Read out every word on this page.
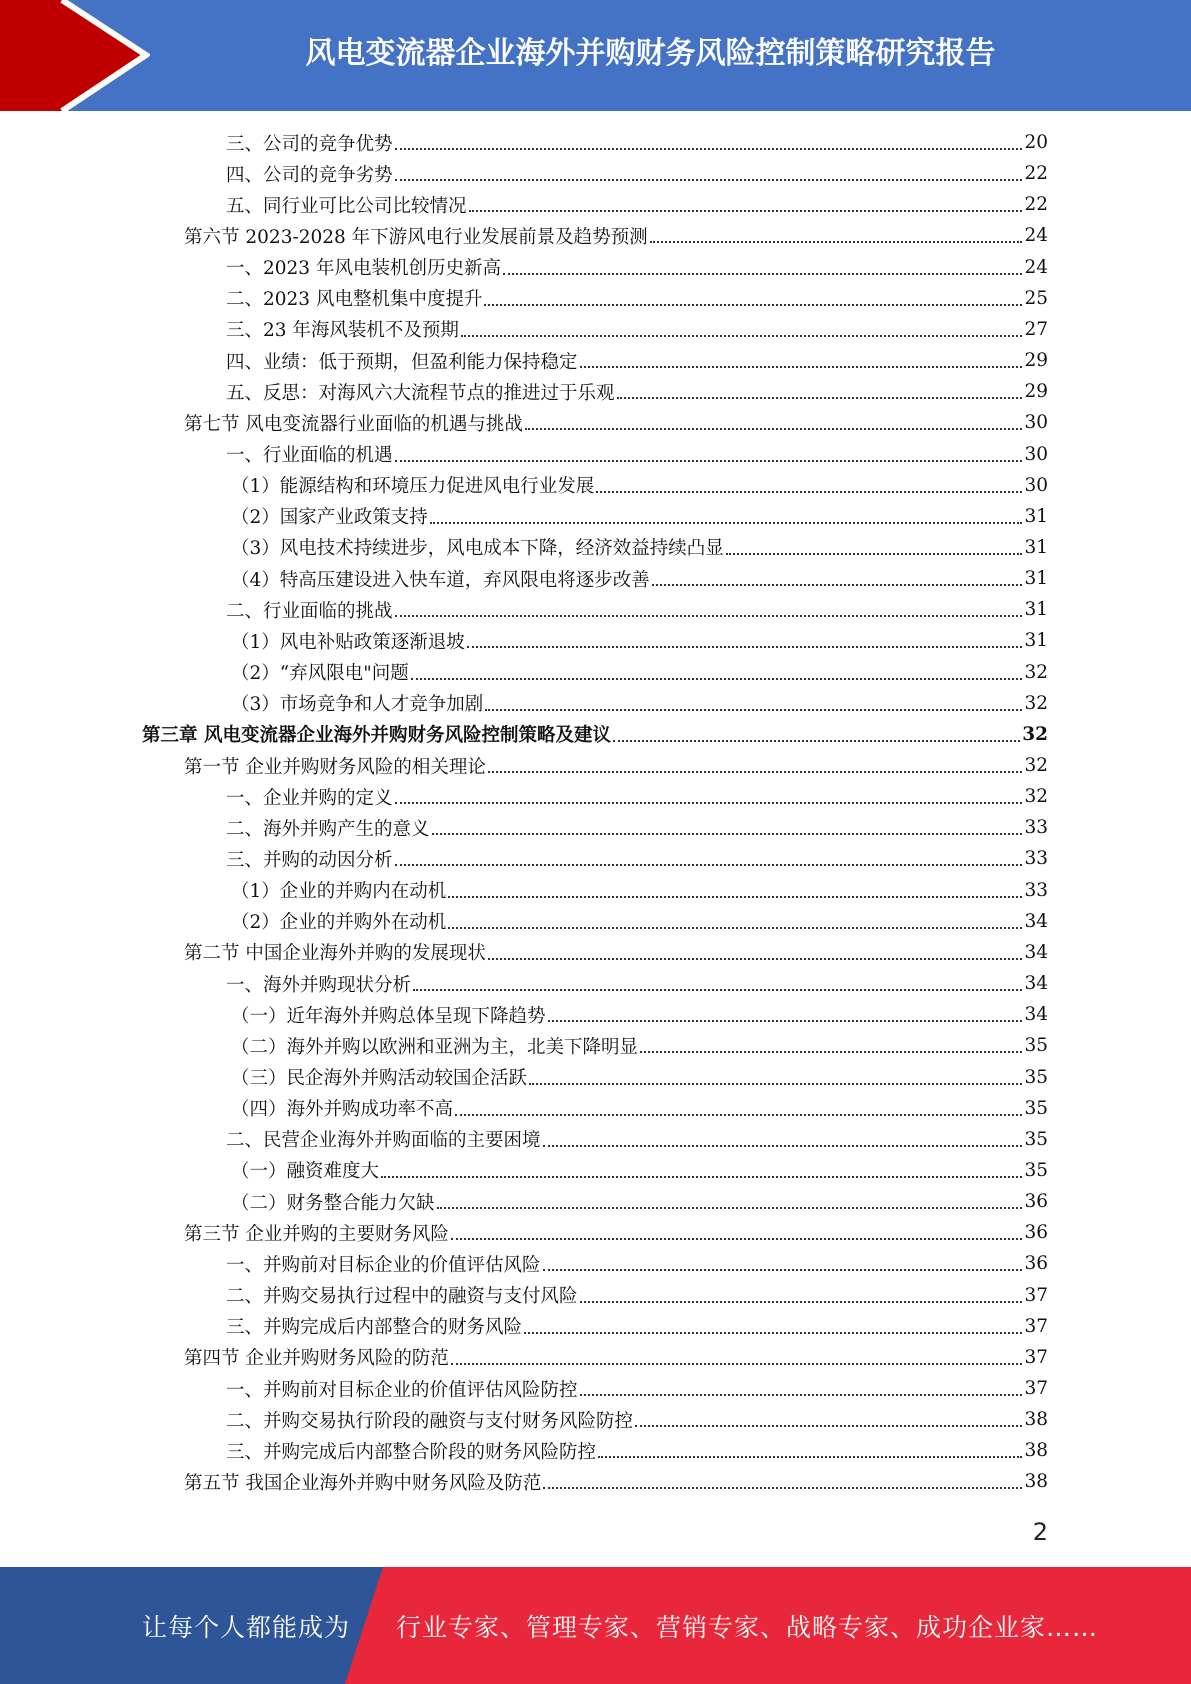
风电变流器企业海外并购财务风险控制策略研究报告
三、公司的竞争优势	20
四、公司的竞争劣势	22
五、同行业可比公司比较情况	22
第六节 2023-2028 年下游风电行业发展前景及趋势预测	24
一、2023 年风电装机创历史新高	24
二、2023 风电整机集中度提升	25
三、23 年海风装机不及预期	27
四、业绩：低于预期，但盈利能力保持稳定	29
五、反思：对海风六大流程节点的推进过于乐观	29
第七节 风电变流器行业面临的机遇与挑战	30
一、行业面临的机遇	30
（1）能源结构和环境压力促进风电行业发展	30
（2）国家产业政策支持	31
（3）风电技术持续进步，风电成本下降，经济效益持续凸显	31
（4）特高压建设进入快车道，弃风限电将逐步改善	31
二、行业面临的挑战	31
（1）风电补贴政策逐渐退坡	31
（2）“弃风限电"问题	32
（3）市场竞争和人才竞争加剧	32
第三章 风电变流器企业海外并购财务风险控制策略及建议	32
第一节 企业并购财务风险的相关理论	32
一、企业并购的定义	32
二、海外并购产生的意义	33
三、并购的动因分析	33
（1）企业的并购内在动机	33
（2）企业的并购外在动机	34
第二节 中国企业海外并购的发展现状	34
一、海外并购现状分析	34
（一）近年海外并购总体呈现下降趋势	34
（二）海外并购以欧洲和亚洲为主，北美下降明显	35
（三）民企海外并购活动较国企活跃	35
（四）海外并购成功率不高	35
二、民营企业海外并购面临的主要困境	35
（一）融资难度大	35
（二）财务整合能力欠缺	36
第三节 企业并购的主要财务风险	36
一、并购前对目标企业的价值评估风险	36
二、并购交易执行过程中的融资与支付风险	37
三、并购完成后内部整合的财务风险	37
第四节 企业并购财务风险的防范	37
一、并购前对目标企业的价值评估风险防控	37
二、并购交易执行阶段的融资与支付财务风险防控	38
三、并购完成后内部整合阶段的财务风险防控	38
第五节 我国企业海外并购中财务风险及防范	38
2
让每个人都能成为 行业专家、管理专家、营销专家、战略专家、成功企业家……
